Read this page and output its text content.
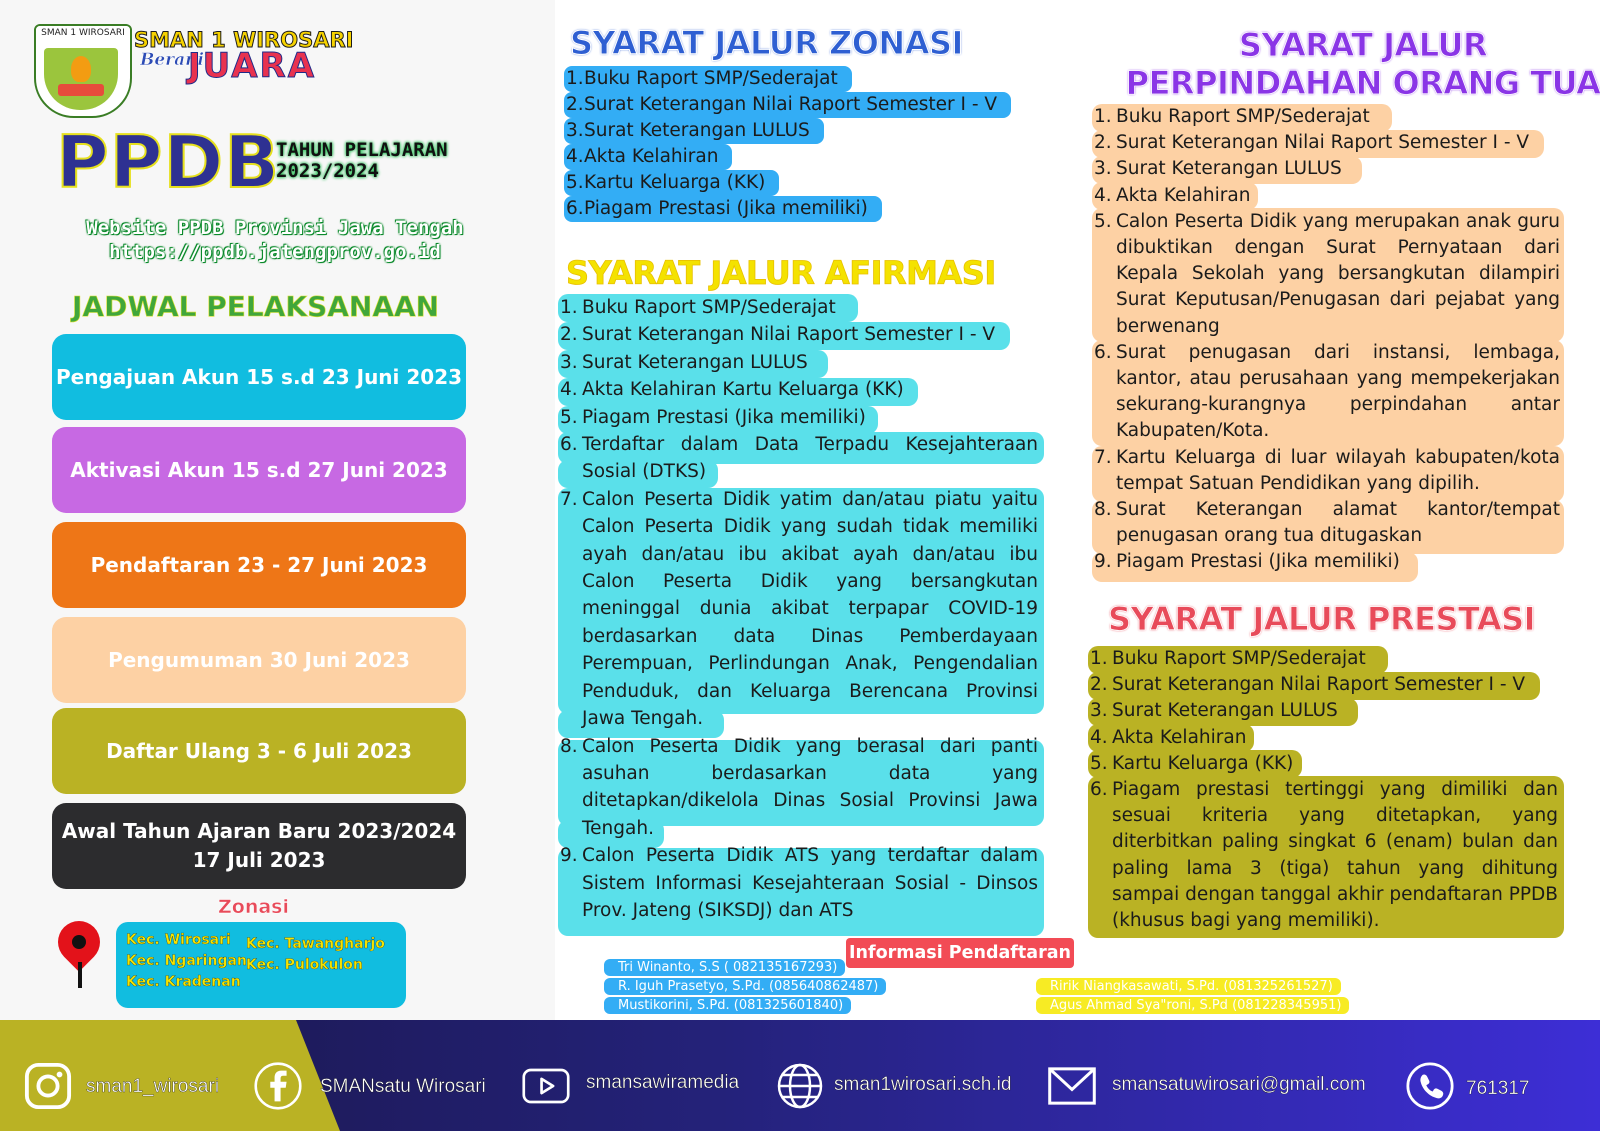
SMAN 1 WIROSARI SMAN 1 WIROSARI
Berani
JUARA
PPDB
TAHUN PELAJARAN
2023/2024
Website PPDB Provinsi Jawa Tengah
https://ppdb.jatengprov.go.id
JADWAL PELAKSANAAN
Pengajuan Akun 15 s.d 23 Juni 2023
Aktivasi Akun 15 s.d 27 Juni 2023
Pendaftaran 23 - 27 Juni 2023
Pengumuman 30 Juni 2023
Daftar Ulang 3 - 6 Juli 2023
Awal Tahun Ajaran Baru 2023/2024
17 Juli 2023
Zonasi
Kec. Wirosari
Kec. Ngaringan
Kec. Kradenan
Kec. Tawangharjo
Kec. Pulokulon
SYARAT JALUR ZONASI
1. Buku Raport SMP/Sederajat
2. Surat Keterangan Nilai Raport Semester I - V
3. Surat Keterangan LULUS
4. Akta Kelahiran
5. Kartu Keluarga (KK)
6. Piagam Prestasi (Jika memiliki)
SYARAT JALUR AFIRMASI
1. Buku Raport SMP/Sederajat
2. Surat Keterangan Nilai Raport Semester I - V
3. Surat Keterangan LULUS
4. Akta Kelahiran Kartu Keluarga (KK)
5. Piagam Prestasi (Jika memiliki)
6. Terdaftar dalam Data Terpadu Kesejahteraan Sosial (DTKS)
7. Calon Peserta Didik yatim dan/atau piatu yaitu Calon Peserta Didik yang sudah tidak memiliki ayah dan/atau ibu akibat ayah dan/atau ibu Calon Peserta Didik yang bersangkutan meninggal dunia akibat terpapar COVID-19 berdasarkan data Dinas Pemberdayaan Perempuan, Perlindungan Anak, Pengendalian Penduduk, dan Keluarga Berencana Provinsi Jawa Tengah.
8. Calon Peserta Didik yang berasal dari panti asuhan berdasarkan data yang ditetapkan/dikelola Dinas Sosial Provinsi Jawa Tengah.
9. Calon Peserta Didik ATS yang terdaftar dalam Sistem Informasi Kesejahteraan Sosial - Dinsos Prov. Jateng (SIKSDJ) dan ATS
SYARAT JALUR
PERPINDAHAN ORANG TUA
1. Buku Raport SMP/Sederajat
2. Surat Keterangan Nilai Raport Semester I - V
3. Surat Keterangan LULUS
4. Akta Kelahiran
5. Calon Peserta Didik yang merupakan anak guru dibuktikan dengan Surat Pernyataan dari Kepala Sekolah yang bersangkutan dilampiri Surat Keputusan/Penugasan dari pejabat yang berwenang
6. Surat penugasan dari instansi, lembaga, kantor, atau perusahaan yang mempekerjakan sekurang-kurangnya perpindahan antar Kabupaten/Kota.
7. Kartu Keluarga di luar wilayah kabupaten/kota tempat Satuan Pendidikan yang dipilih.
8. Surat Keterangan alamat kantor/tempat penugasan orang tua ditugaskan
9. Piagam Prestasi (Jika memiliki)
SYARAT JALUR PRESTASI
1. Buku Raport SMP/Sederajat
2. Surat Keterangan Nilai Raport Semester I - V
3. Surat Keterangan LULUS
4. Akta Kelahiran
5. Kartu Keluarga (KK)
6. Piagam prestasi tertinggi yang dimiliki dan sesuai kriteria yang ditetapkan, yang diterbitkan paling singkat 6 (enam) bulan dan paling lama 3 (tiga) tahun yang dihitung sampai dengan tanggal akhir pendaftaran PPDB (khusus bagi yang memiliki).
Informasi Pendaftaran
Tri Winanto, S.S ( 082135167293)
R. Iguh Prasetyo, S.Pd. (085640862487)
Mustikorini, S.Pd. (081325601840)
Ririk Niangkasawati, S.Pd. (081325261527)
Agus Ahmad Sya"roni, S.Pd (081228345951)
sman1_wirosari	SMANsatu Wirosari	smansawiramedia	sman1wirosari.sch.id	smansatuwirosari@gmail.com	761317
